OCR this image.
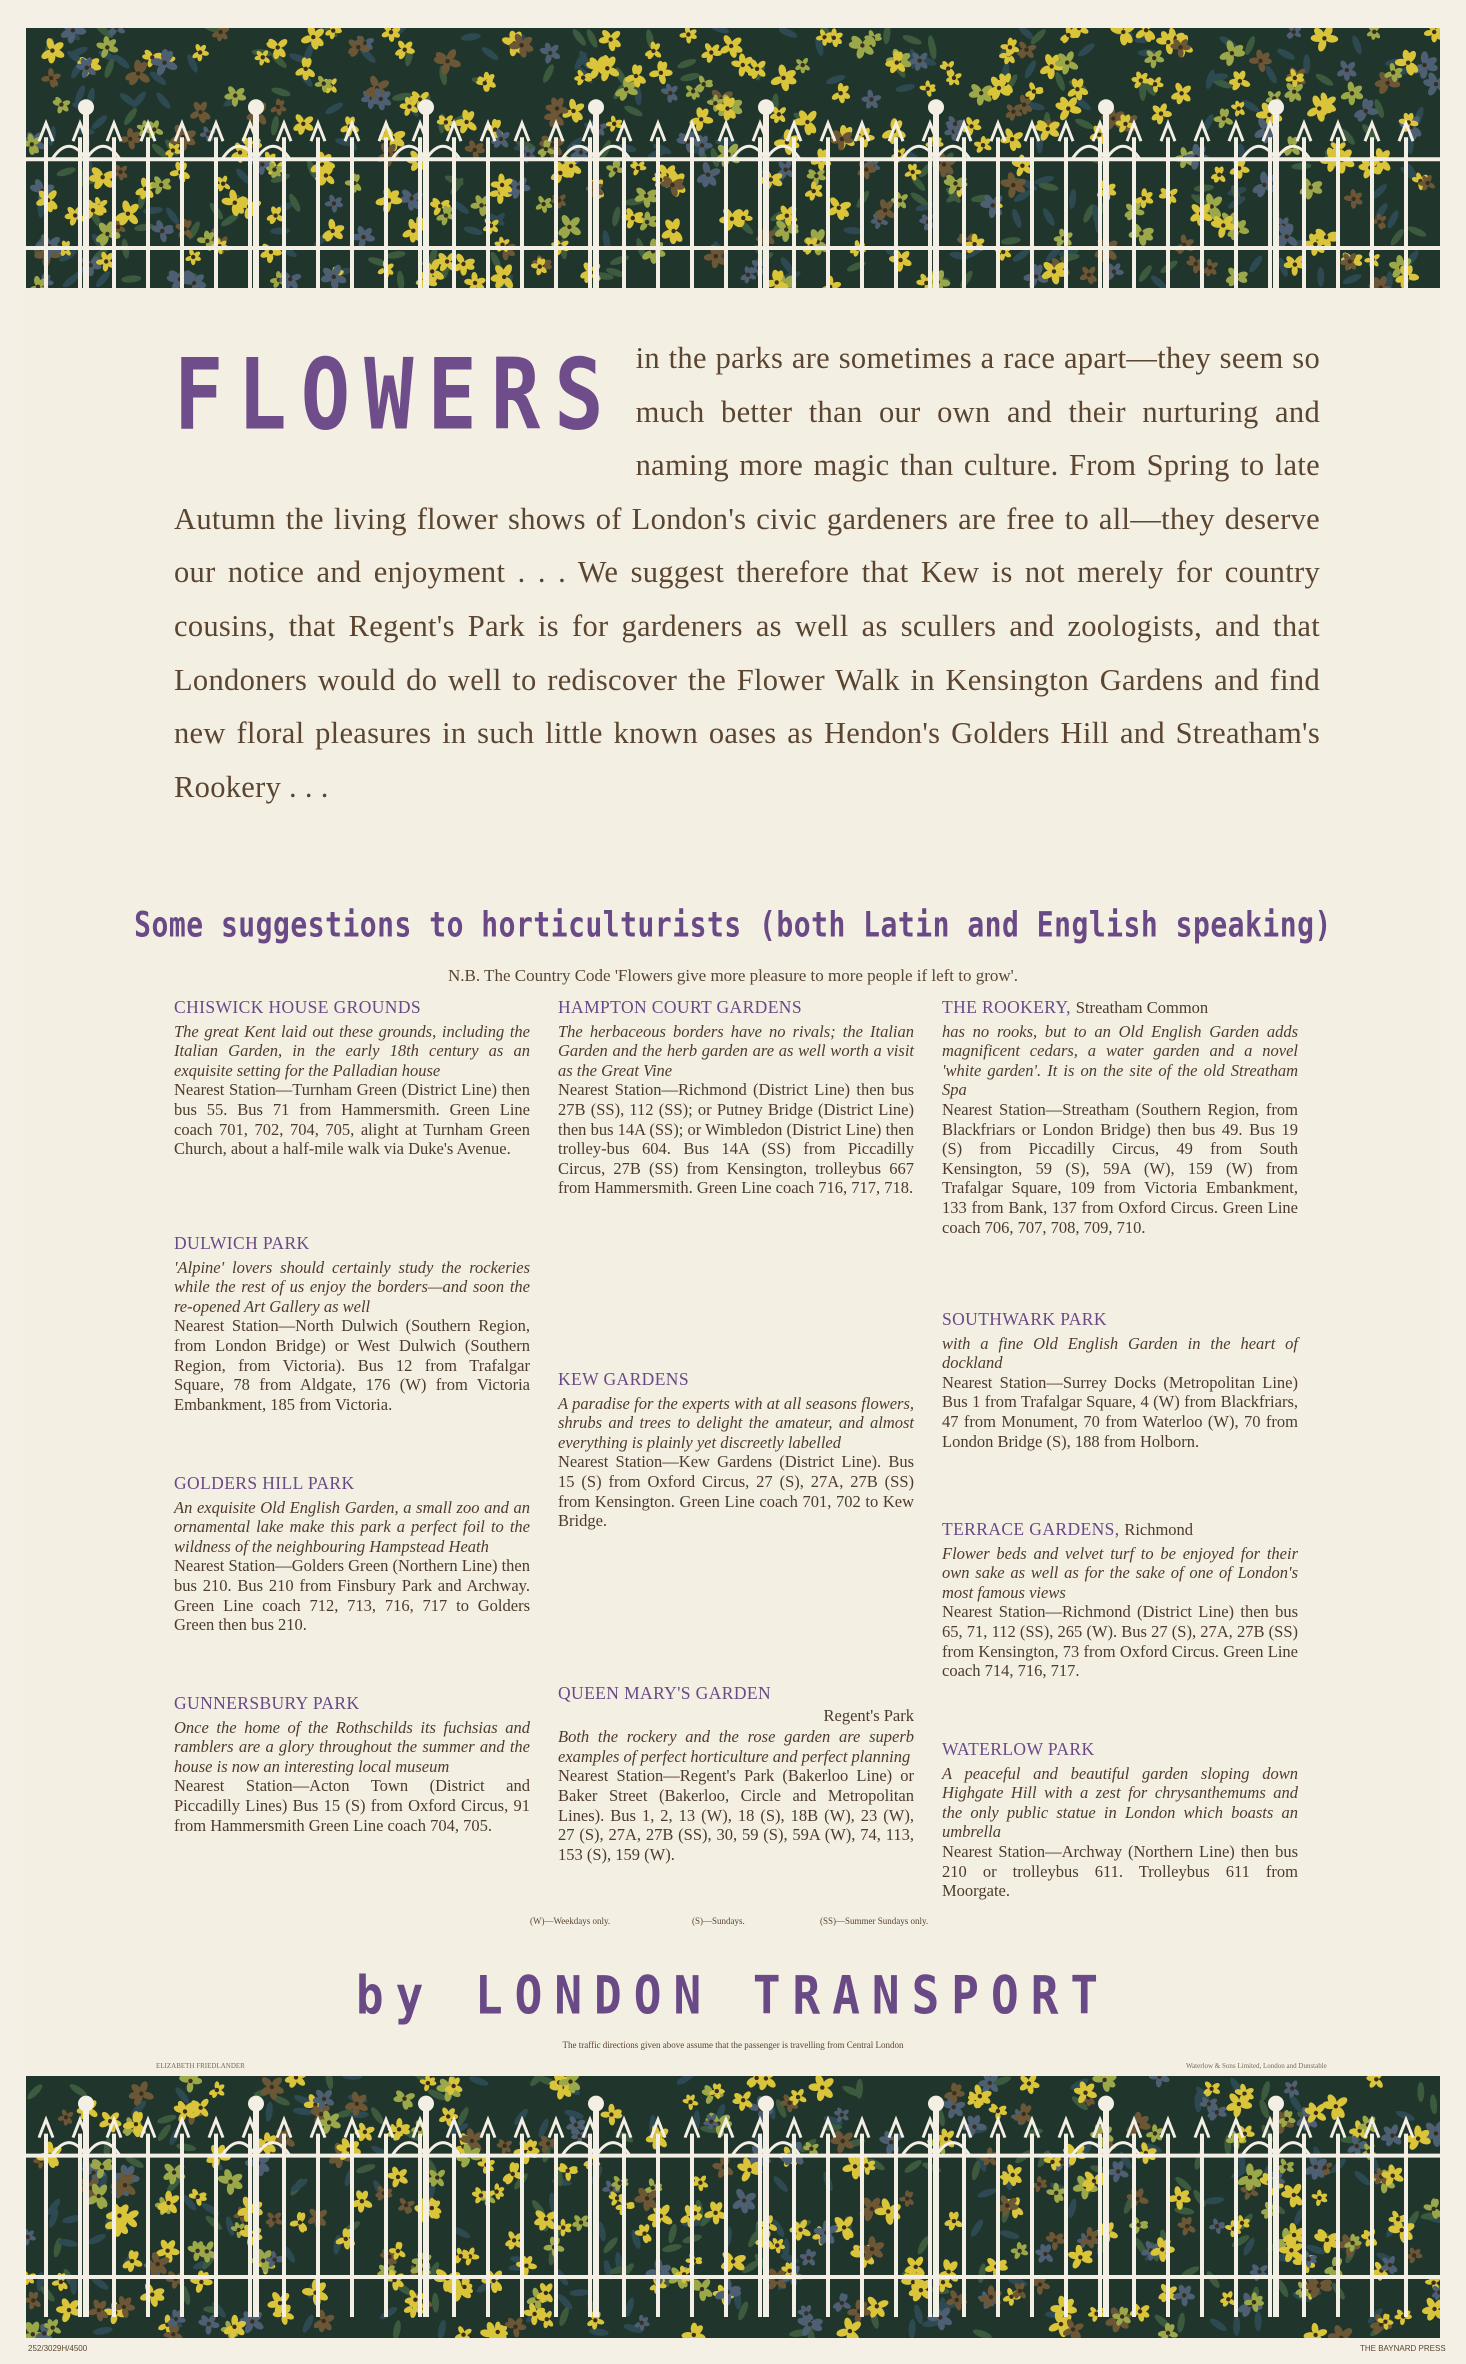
FLOWERS in the parks are sometimes a race apart—they seem so much better than our own and their nurturing and naming more magic than culture. From Spring to late Autumn the living flower shows of London's civic gardeners are free to all—they deserve our notice and enjoyment . . . We suggest therefore that Kew is not merely for country cousins, that Regent's Park is for gardeners as well as scullers and zoologists, and that Londoners would do well to rediscover the Flower Walk in Kensington Gardens and find new floral pleasures in such little known oases as Hendon's Golders Hill and Streatham's Rookery . . .
Some suggestions to horticulturists (both Latin and English speaking)
N.B. The Country Code 'Flowers give more pleasure to more people if left to grow'.
CHISWICK HOUSE GROUNDS
The great Kent laid out these grounds, including the Italian Garden, in the early 18th century as an exquisite setting for the Palladian house
Nearest Station—Turnham Green (District Line) then bus 55. Bus 71 from Hammersmith. Green Line coach 701, 702, 704, 705, alight at Turnham Green Church, about a half-mile walk via Duke's Avenue.
DULWICH PARK
'Alpine' lovers should certainly study the rockeries while the rest of us enjoy the borders—and soon the re-opened Art Gallery as well
Nearest Station—North Dulwich (Southern Region, from London Bridge) or West Dulwich (Southern Region, from Victoria). Bus 12 from Trafalgar Square, 78 from Aldgate, 176 (W) from Victoria Embankment, 185 from Victoria.
GOLDERS HILL PARK
An exquisite Old English Garden, a small zoo and an ornamental lake make this park a perfect foil to the wildness of the neighbouring Hampstead Heath
Nearest Station—Golders Green (Northern Line) then bus 210. Bus 210 from Finsbury Park and Archway. Green Line coach 712, 713, 716, 717 to Golders Green then bus 210.
GUNNERSBURY PARK
Once the home of the Rothschilds its fuchsias and ramblers are a glory throughout the summer and the house is now an interesting local museum
Nearest Station—Acton Town (District and Piccadilly Lines) Bus 15 (S) from Oxford Circus, 91 from Hammersmith Green Line coach 704, 705.
HAMPTON COURT GARDENS
The herbaceous borders have no rivals; the Italian Garden and the herb garden are as well worth a visit as the Great Vine
Nearest Station—Richmond (District Line) then bus 27B (SS), 112 (SS); or Putney Bridge (District Line) then bus 14A (SS); or Wimbledon (District Line) then trolley-bus 604. Bus 14A (SS) from Piccadilly Circus, 27B (SS) from Kensington, trolleybus 667 from Hammersmith. Green Line coach 716, 717, 718.
KEW GARDENS
A paradise for the experts with at all seasons flowers, shrubs and trees to delight the amateur, and almost everything is plainly yet discreetly labelled
Nearest Station—Kew Gardens (District Line). Bus 15 (S) from Oxford Circus, 27 (S), 27A, 27B (SS) from Kensington. Green Line coach 701, 702 to Kew Bridge.
QUEEN MARY'S GARDEN
Regent's Park
Both the rockery and the rose garden are superb examples of perfect horticulture and perfect planning
Nearest Station—Regent's Park (Bakerloo Line) or Baker Street (Bakerloo, Circle and Metropolitan Lines). Bus 1, 2, 13 (W), 18 (S), 18B (W), 23 (W), 27 (S), 27A, 27B (SS), 30, 59 (S), 59A (W), 74, 113, 153 (S), 159 (W).
THE ROOKERY, Streatham Common
has no rooks, but to an Old English Garden adds magnificent cedars, a water garden and a novel 'white garden'. It is on the site of the old Streatham Spa
Nearest Station—Streatham (Southern Region, from Blackfriars or London Bridge) then bus 49. Bus 19 (S) from Piccadilly Circus, 49 from South Kensington, 59 (S), 59A (W), 159 (W) from Trafalgar Square, 109 from Victoria Embankment, 133 from Bank, 137 from Oxford Circus. Green Line coach 706, 707, 708, 709, 710.
SOUTHWARK PARK
with a fine Old English Garden in the heart of dockland
Nearest Station—Surrey Docks (Metropolitan Line) Bus 1 from Trafalgar Square, 4 (W) from Blackfriars, 47 from Monument, 70 from Waterloo (W), 70 from London Bridge (S), 188 from Holborn.
TERRACE GARDENS, Richmond
Flower beds and velvet turf to be enjoyed for their own sake as well as for the sake of one of London's most famous views
Nearest Station—Richmond (District Line) then bus 65, 71, 112 (SS), 265 (W). Bus 27 (S), 27A, 27B (SS) from Kensington, 73 from Oxford Circus. Green Line coach 714, 716, 717.
WATERLOW PARK
A peaceful and beautiful garden sloping down Highgate Hill with a zest for chrysanthemums and the only public statue in London which boasts an umbrella
Nearest Station—Archway (Northern Line) then bus 210 or trolleybus 611. Trolleybus 611 from Moorgate.
(W)—Weekdays only.	(S)—Sundays.	(SS)—Summer Sundays only.
by LONDON TRANSPORT
The traffic directions given above assume that the passenger is travelling from Central London
ELIZABETH FRIEDLANDER	Waterlow & Sons Limited, London and Dunstable
252/3029H/4500	THE BAYNARD PRESS
